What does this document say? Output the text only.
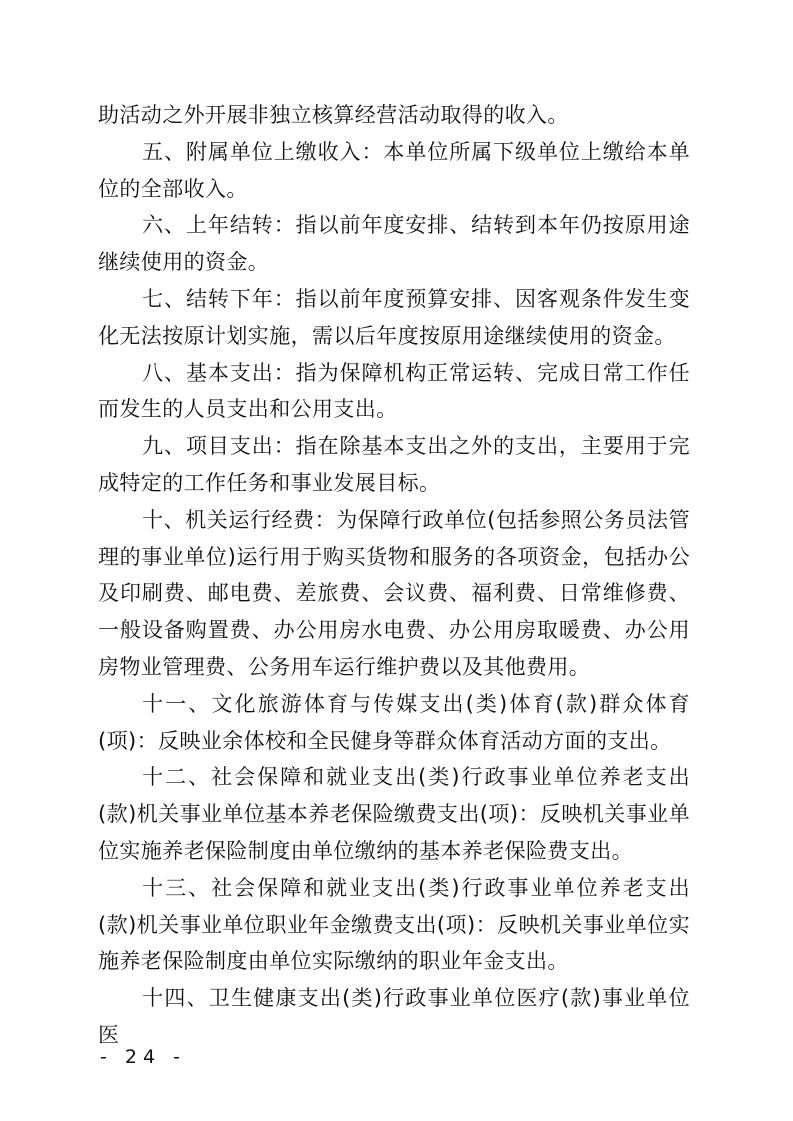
助活动之外开展非独立核算经营活动取得的收入。

五、附属单位上缴收入：本单位所属下级单位上缴给本单位的全部收入。

六、上年结转：指以前年度安排、结转到本年仍按原用途继续使用的资金。

七、结转下年：指以前年度预算安排、因客观条件发生变化无法按原计划实施，需以后年度按原用途继续使用的资金。

八、基本支出：指为保障机构正常运转、完成日常工作任而发生的人员支出和公用支出。

九、项目支出：指在除基本支出之外的支出，主要用于完成特定的工作任务和事业发展目标。

十、机关运行经费：为保障行政单位(包括参照公务员法管理的事业单位)运行用于购买货物和服务的各项资金，包括办公及印刷费、邮电费、差旅费、会议费、福利费、日常维修费、一般设备购置费、办公用房水电费、办公用房取暖费、办公用房物业管理费、公务用车运行维护费以及其他费用。

十一、文化旅游体育与传媒支出(类)体育(款)群众体育(项)：反映业余体校和全民健身等群众体育活动方面的支出。

十二、社会保障和就业支出(类)行政事业单位养老支出(款)机关事业单位基本养老保险缴费支出(项)：反映机关事业单位实施养老保险制度由单位缴纳的基本养老保险费支出。

十三、社会保障和就业支出(类)行政事业单位养老支出(款)机关事业单位职业年金缴费支出(项)：反映机关事业单位实施养老保险制度由单位实际缴纳的职业年金支出。

十四、卫生健康支出(类)行政事业单位医疗(款)事业单位医

- 24 -
